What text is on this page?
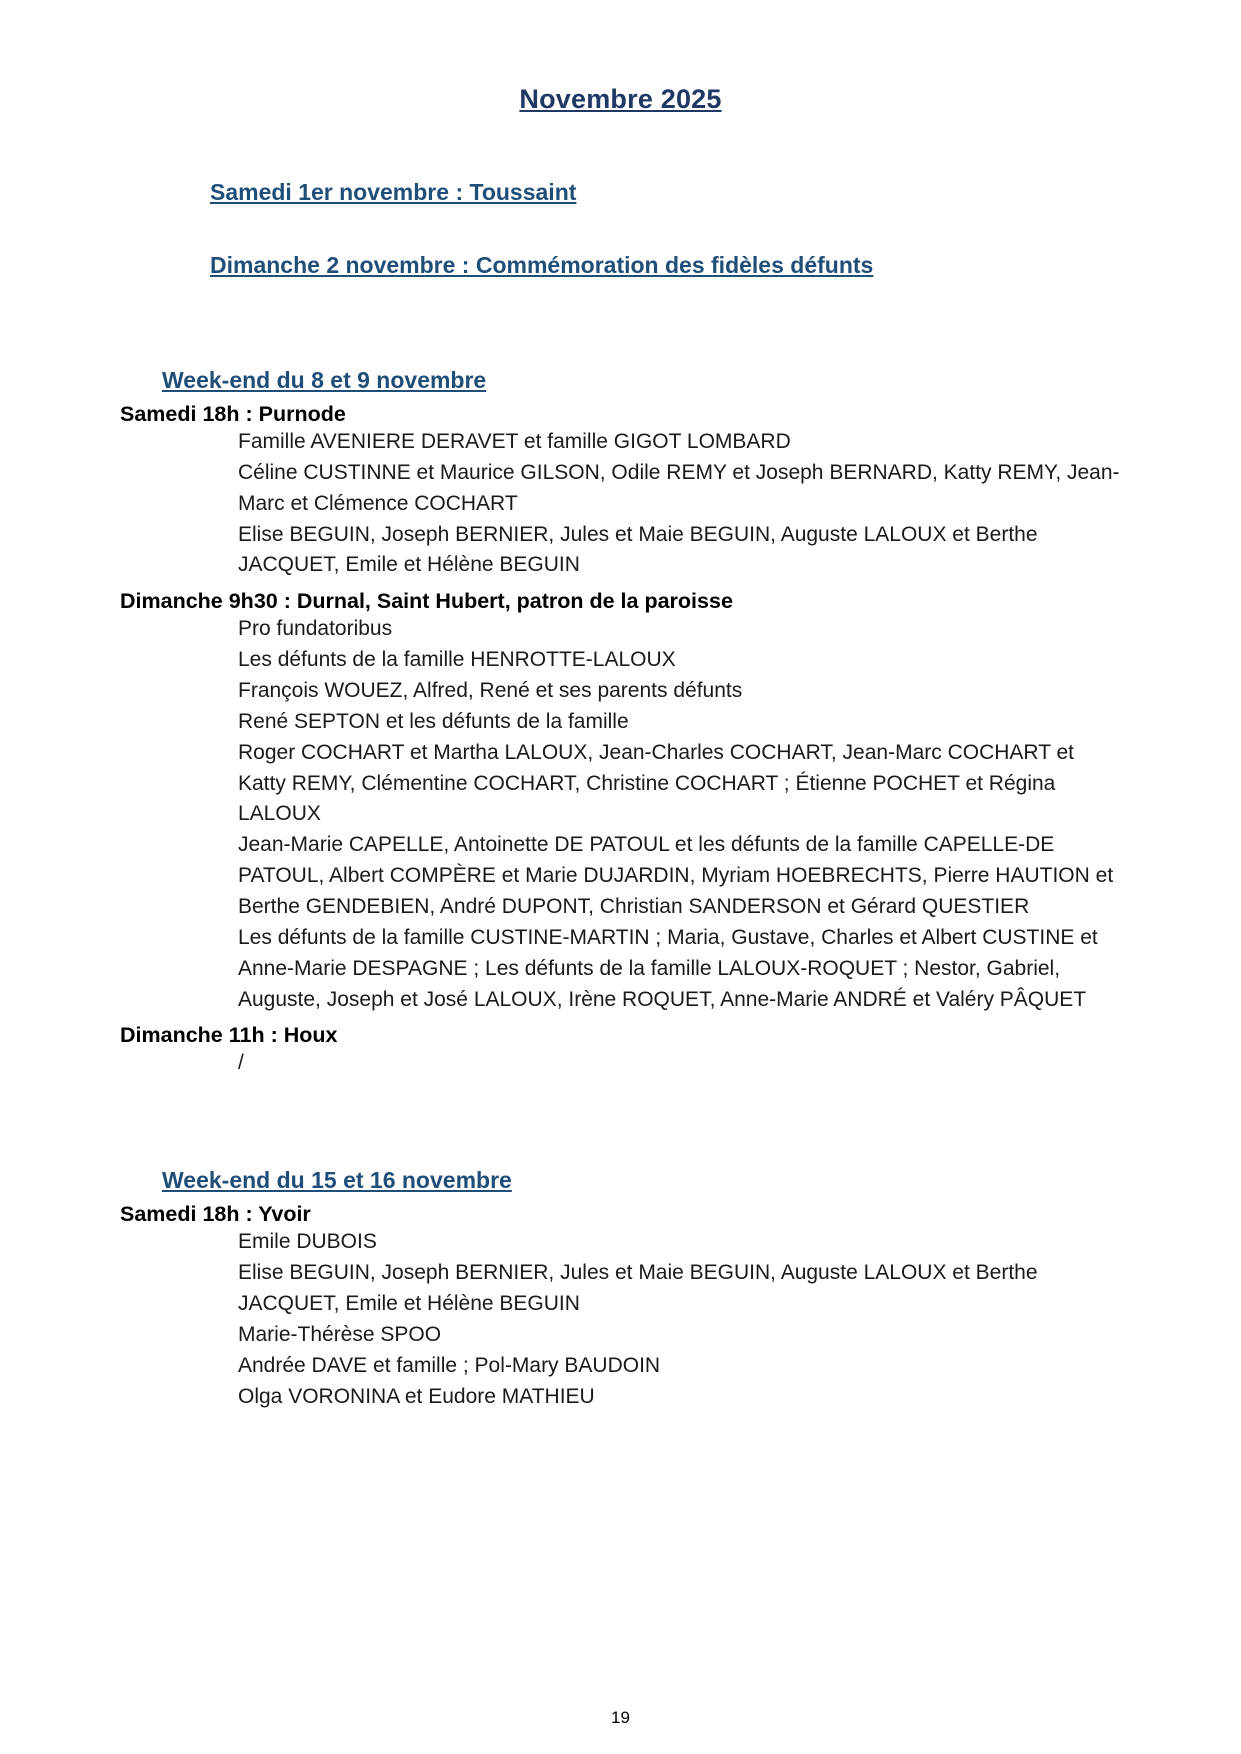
Novembre 2025
Samedi 1er novembre : Toussaint
Dimanche 2 novembre : Commémoration des fidèles défunts
Week-end du 8 et 9 novembre
Samedi 18h : Purnode

Famille AVENIERE DERAVET et famille GIGOT LOMBARD

Céline CUSTINNE et Maurice GILSON, Odile REMY et Joseph BERNARD, Katty REMY, Jean-Marc et Clémence COCHART

Elise BEGUIN, Joseph BERNIER, Jules et Maie BEGUIN, Auguste LALOUX et Berthe JACQUET, Emile et Hélène BEGUIN

Dimanche 9h30 : Durnal, Saint Hubert, patron de la paroisse

Pro fundatoribus

Les défunts de la famille HENROTTE-LALOUX

François WOUEZ, Alfred, René et ses parents défunts

René SEPTON et les défunts de la famille

Roger COCHART et Martha LALOUX, Jean-Charles COCHART, Jean-Marc COCHART et Katty REMY, Clémentine COCHART, Christine COCHART ; Étienne POCHET et Régina LALOUX

Jean-Marie CAPELLE, Antoinette DE PATOUL et les défunts de la famille CAPELLE-DE PATOUL, Albert COMPÈRE et Marie DUJARDIN, Myriam HOEBRECHTS, Pierre HAUTION et Berthe GENDEBIEN, André DUPONT, Christian SANDERSON et Gérard QUESTIER

Les défunts de la famille CUSTINE-MARTIN ; Maria, Gustave, Charles et Albert CUSTINE et Anne-Marie DESPAGNE ; Les défunts de la famille LALOUX-ROQUET ; Nestor, Gabriel, Auguste, Joseph et José LALOUX, Irène ROQUET, Anne-Marie ANDRÉ et Valéry PÂQUET

Dimanche 11h : Houx

/

Week-end du 15 et 16 novembre
Samedi 18h : Yvoir

Emile DUBOIS

Elise BEGUIN, Joseph BERNIER, Jules et Maie BEGUIN, Auguste LALOUX et Berthe JACQUET, Emile et Hélène BEGUIN

Marie-Thérèse SPOO

Andrée DAVE et famille ; Pol-Mary BAUDOIN

Olga VORONINA et Eudore MATHIEU

19
